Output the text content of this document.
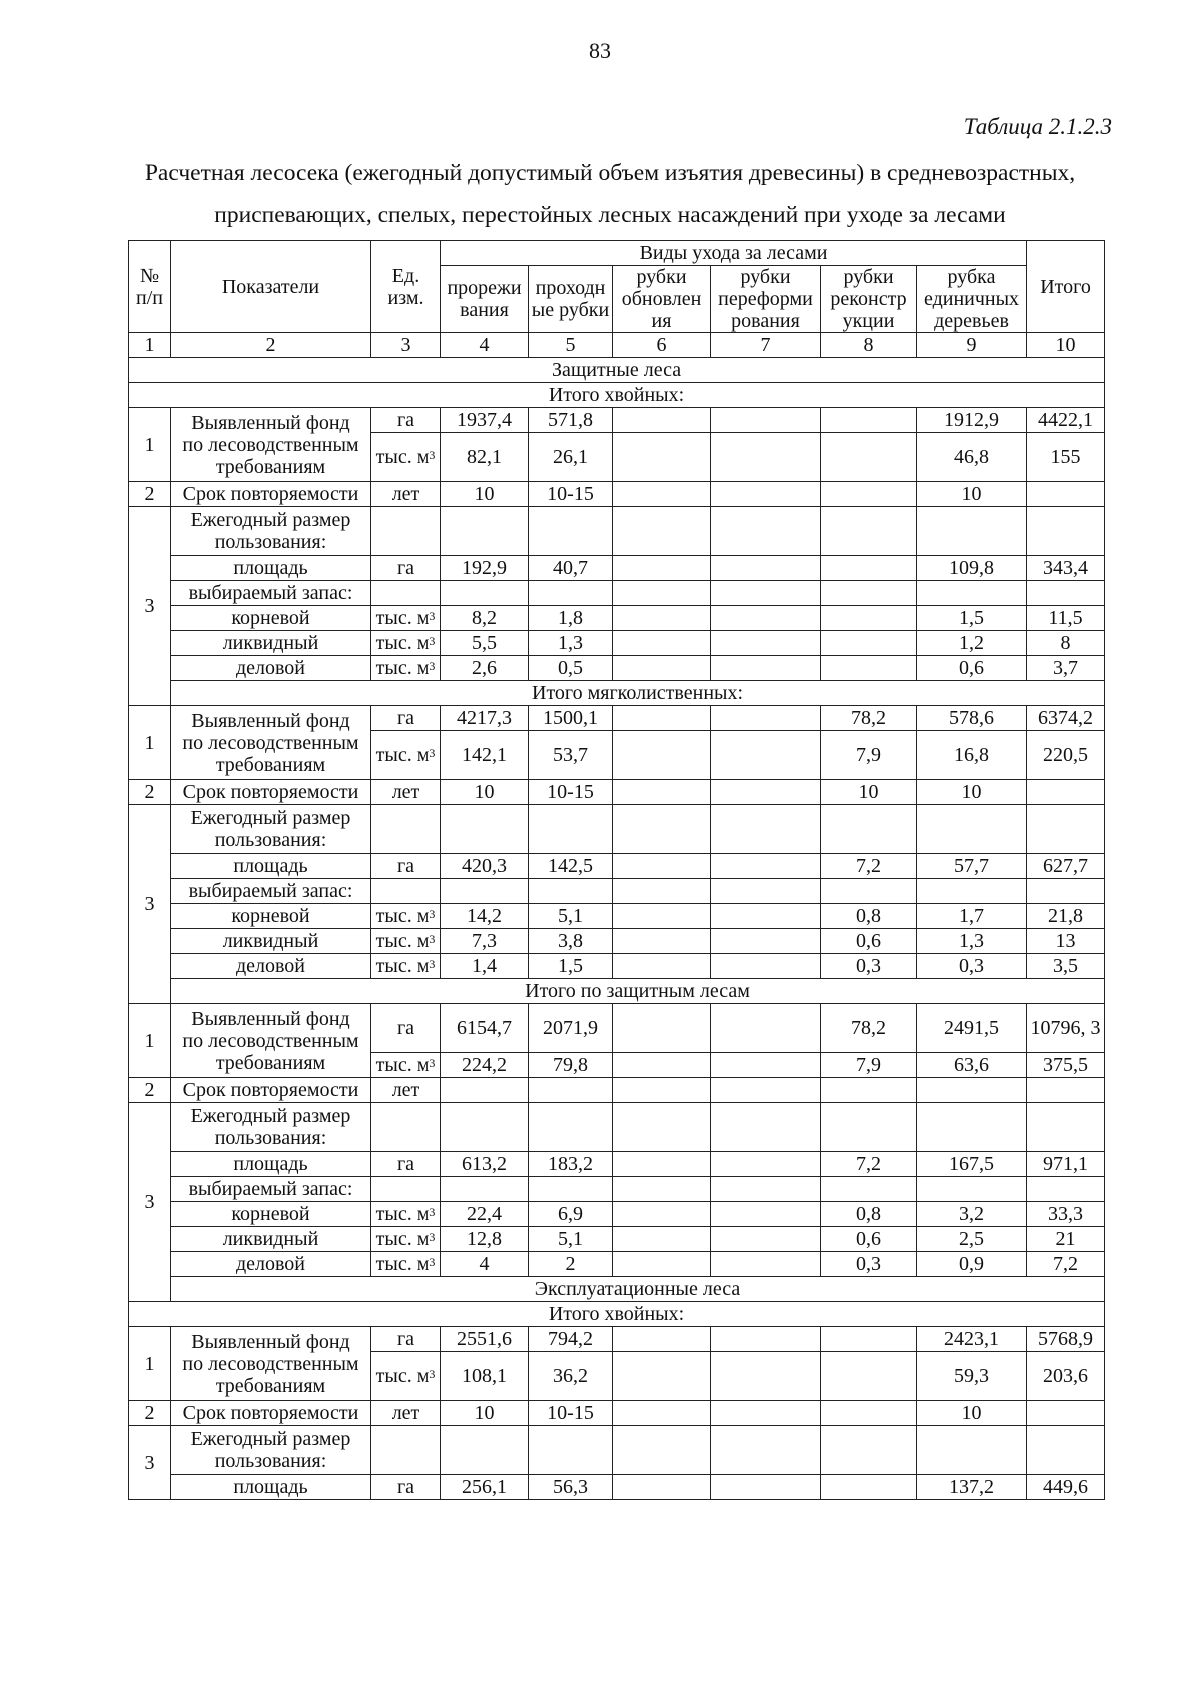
83
Таблица 2.1.2.3
Расчетная лесосека (ежегодный допустимый объем изъятия древесины) в средневозрастных,
приспевающих, спелых, перестойных лесных насаждений при уходе за лесами
№ п/п	Показатели	Ед. изм.	Виды ухода за лесами						Итого
			прорежи вания	проходн ые рубки	рубки обновлен ия	рубки переформи рования	рубки реконстр укции	рубка единичных деревьев	

1	2	3	4	5	6	7	8	9	10
Защитные леса									
Итого хвойных:									
1	Выявленный фонд
по лесоводственным
требованиям	га	1937,4	571,8				1912,9	4422,1
		тыс. $м^3$	82,1	26,1				46,8	155
2	Срок повторяемости	лет	10	10-15				10	
3	Ежегодный размер пользования:								
	площадь	га	192,9	40,7				109,8	343,4
	выбираемый запас:								
	корневой	тыс. $м^3$	8,2	1,8				1,5	11,5
	ликвидный	тыс. $м^3$	5,5	1,3				1,2	8
	деловой	тыс. $м^3$	2,6	0,5				0,6	3,7
	Итого мягколиственных:								
1	Выявленный фонд
по лесоводственным
требованиям	га	4217,3	1500,1			78,2	578,6	6374,2
		тыс. $м^3$	142,1	53,7			7,9	16,8	220,5
2	Срок повторяемости	лет	10	10-15			10	10	
3	Ежегодный размер пользования:								
	площадь	га	420,3	142,5			7,2	57,7	627,7
	выбираемый запас:								
	корневой	тыс. $м^3$	14,2	5,1			0,8	1,7	21,8
	ликвидный	тыс. $м^3$	7,3	3,8			0,6	1,3	13
	деловой	тыс. $м^3$	1,4	1,5			0,3	0,3	3,5
	Итого по защитным лесам								
1	Выявленный фонд
по лесоводственным
требованиям	га	6154,7	2071,9			78,2	2491,5	10796, 3
		тыс. $м^3$	224,2	79,8			7,9	63,6	375,5
2	Срок повторяемости	лет							
3	Ежегодный размер пользования:								
	площадь	га	613,2	183,2			7,2	167,5	971,1
	выбираемый запас:								
	корневой	тыс. $м^3$	22,4	6,9			0,8	3,2	33,3
	ликвидный	тыс. $м^3$	12,8	5,1			0,6	2,5	21
	деловой	тыс. $м^3$	4	2			0,3	0,9	7,2
	Эксплуатационные леса								
Итого хвойных:									
1	Выявленный фонд
по лесоводственным
требованиям	га	2551,6	794,2				2423,1	5768,9
		тыс. $м^3$	108,1	36,2				59,3	203,6
2	Срок повторяемости	лет	10	10-15				10	
3	Ежегодный размер пользования:								
	площадь	га	256,1	56,3				137,2	449,6
